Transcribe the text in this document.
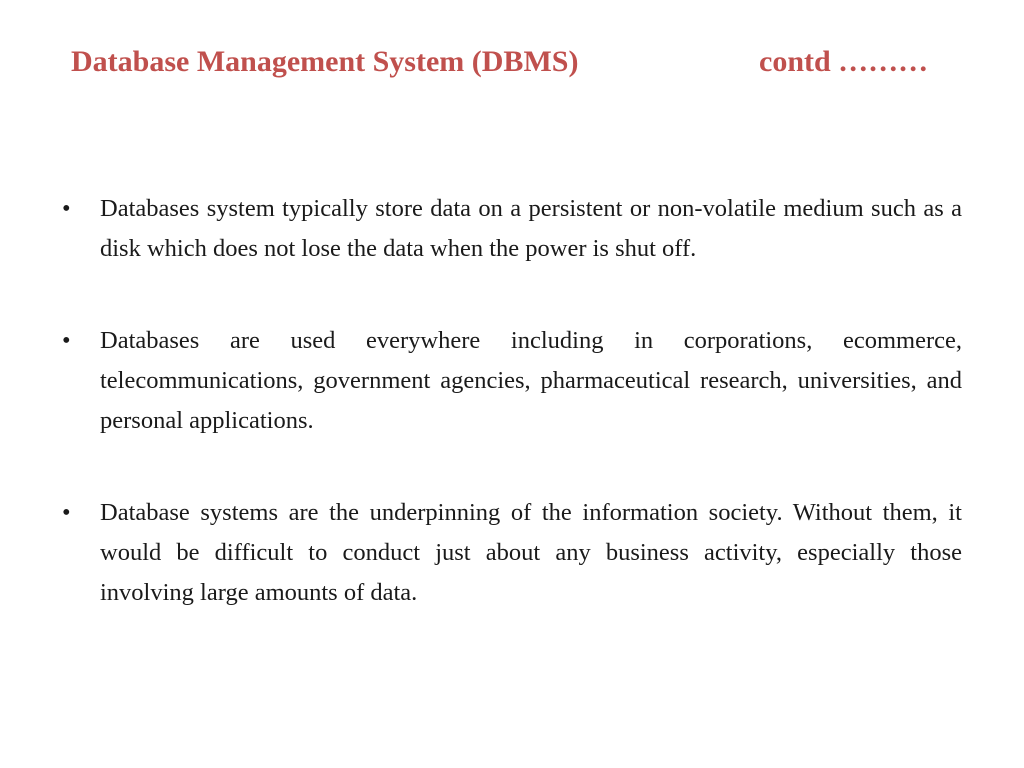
Database Management System (DBMS)	contd ………
•	Databases system typically store data on a persistent or non-volatile medium such as a disk which does not lose the data when the power is shut off.
•	Databases are used everywhere including in corporations, ecommerce, telecommunications, government agencies, pharmaceutical research, universities, and personal applications.
•	Database systems are the underpinning of the information society. Without them, it would be difficult to conduct just about any business activity, especially those involving large amounts of data.
